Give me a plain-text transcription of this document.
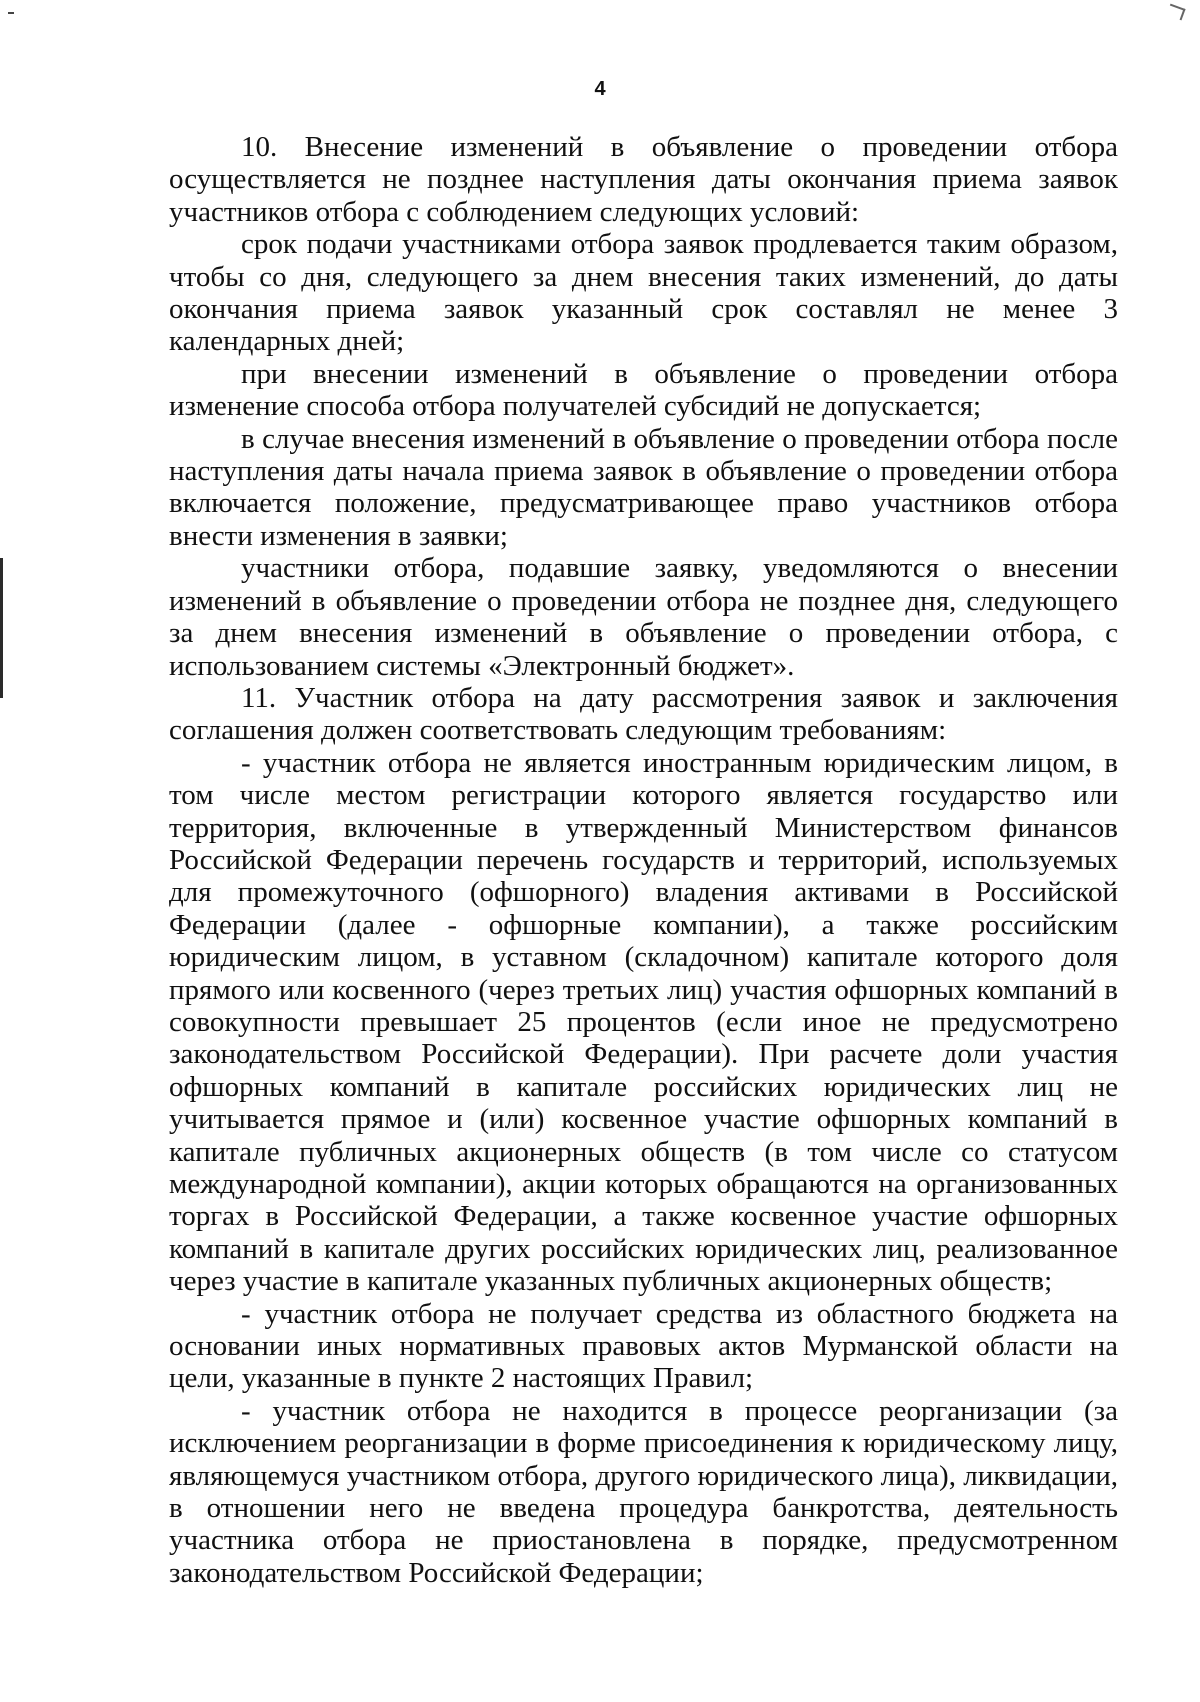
4

10. Внесение изменений в объявление о проведении отбора осуществляется не позднее наступления даты окончания приема заявок участников отбора с соблюдением следующих условий:

срок подачи участниками отбора заявок продлевается таким образом, чтобы со дня, следующего за днем внесения таких изменений, до даты окончания приема заявок указанный срок составлял не менее 3 календарных дней;

при внесении изменений в объявление о проведении отбора изменение способа отбора получателей субсидий не допускается;

в случае внесения изменений в объявление о проведении отбора после наступления даты начала приема заявок в объявление о проведении отбора включается положение, предусматривающее право участников отбора внести изменения в заявки;

участники отбора, подавшие заявку, уведомляются о внесении изменений в объявление о проведении отбора не позднее дня, следующего за днем внесения изменений в объявление о проведении отбора, с использованием системы «Электронный бюджет».

11. Участник отбора на дату рассмотрения заявок и заключения соглашения должен соответствовать следующим требованиям:

- участник отбора не является иностранным юридическим лицом, в том числе местом регистрации которого является государство или территория, включенные в утвержденный Министерством финансов Российской Федерации перечень государств и территорий, используемых для промежуточного (офшорного) владения активами в Российской Федерации (далее - офшорные компании), а также российским юридическим лицом, в уставном (складочном) капитале которого доля прямого или косвенного (через третьих лиц) участия офшорных компаний в совокупности превышает 25 процентов (если иное не предусмотрено законодательством Российской Федерации). При расчете доли участия офшорных компаний в капитале российских юридических лиц не учитывается прямое и (или) косвенное участие офшорных компаний в капитале публичных акционерных обществ (в том числе со статусом международной компании), акции которых обращаются на организованных торгах в Российской Федерации, а также косвенное участие офшорных компаний в капитале других российских юридических лиц, реализованное через участие в капитале указанных публичных акционерных обществ;

- участник отбора не получает средства из областного бюджета на основании иных нормативных правовых актов Мурманской области на цели, указанные в пункте 2 настоящих Правил;

- участник отбора не находится в процессе реорганизации (за исключением реорганизации в форме присоединения к юридическому лицу, являющемуся участником отбора, другого юридического лица), ликвидации, в отношении него не введена процедура банкротства, деятельность участника отбора не приостановлена в порядке, предусмотренном законодательством Российской Федерации;
